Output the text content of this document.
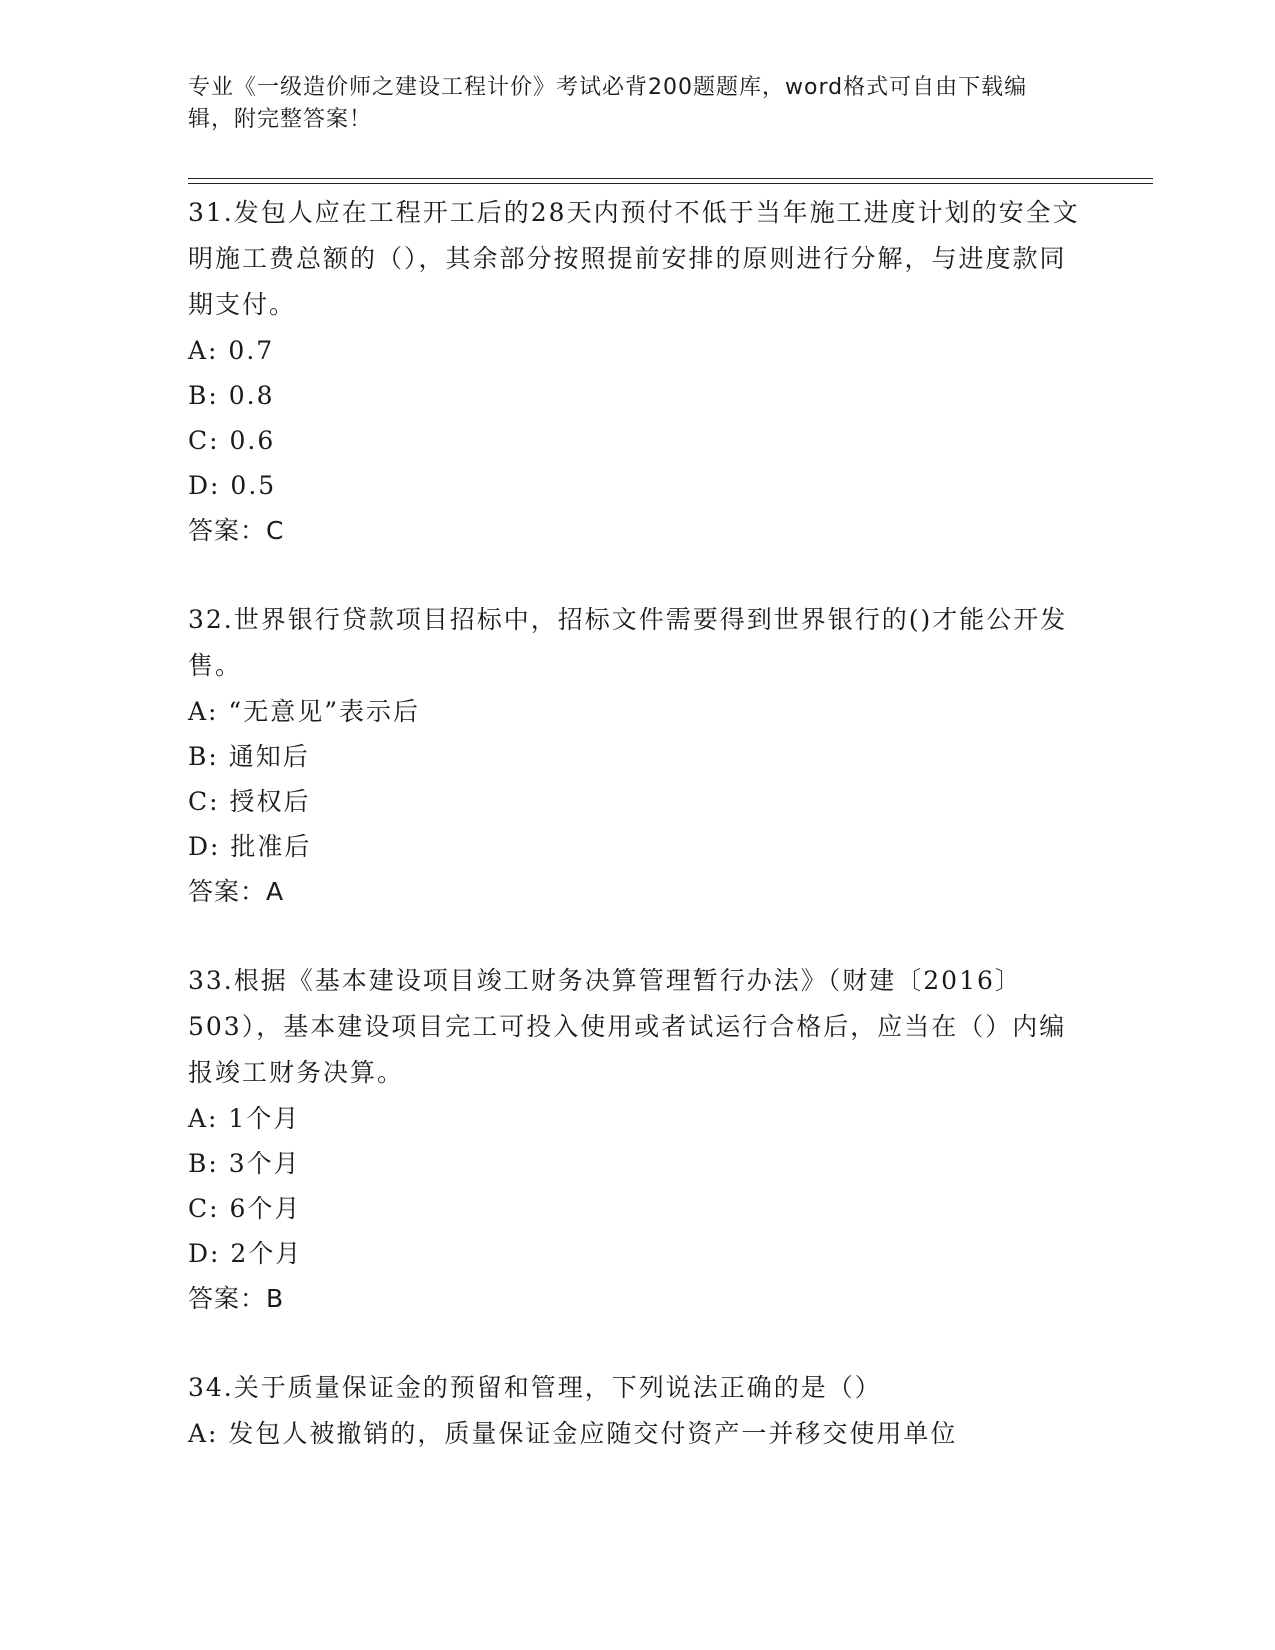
专业《一级造价师之建设工程计价》考试必背200题题库，word格式可自由下载编辑，附完整答案！

31.发包人应在工程开工后的28天内预付不低于当年施工进度计划的安全文明施工费总额的（），其余部分按照提前安排的原则进行分解，与进度款同期支付。

A: 0.7

B: 0.8

C: 0.6

D: 0.5

答案：C

32.世界银行贷款项目招标中，招标文件需要得到世界银行的()才能公开发售。

A: “无意见”表示后

B: 通知后

C: 授权后

D: 批准后

答案：A

33.根据《基本建设项目竣工财务决算管理暂行办法》（财建〔2016〕503），基本建设项目完工可投入使用或者试运行合格后，应当在（）内编报竣工财务决算。

A: 1个月

B: 3个月

C: 6个月

D: 2个月

答案：B

34.关于质量保证金的预留和管理，下列说法正确的是（）

A: 发包人被撤销的，质量保证金应随交付资产一并移交使用单位
